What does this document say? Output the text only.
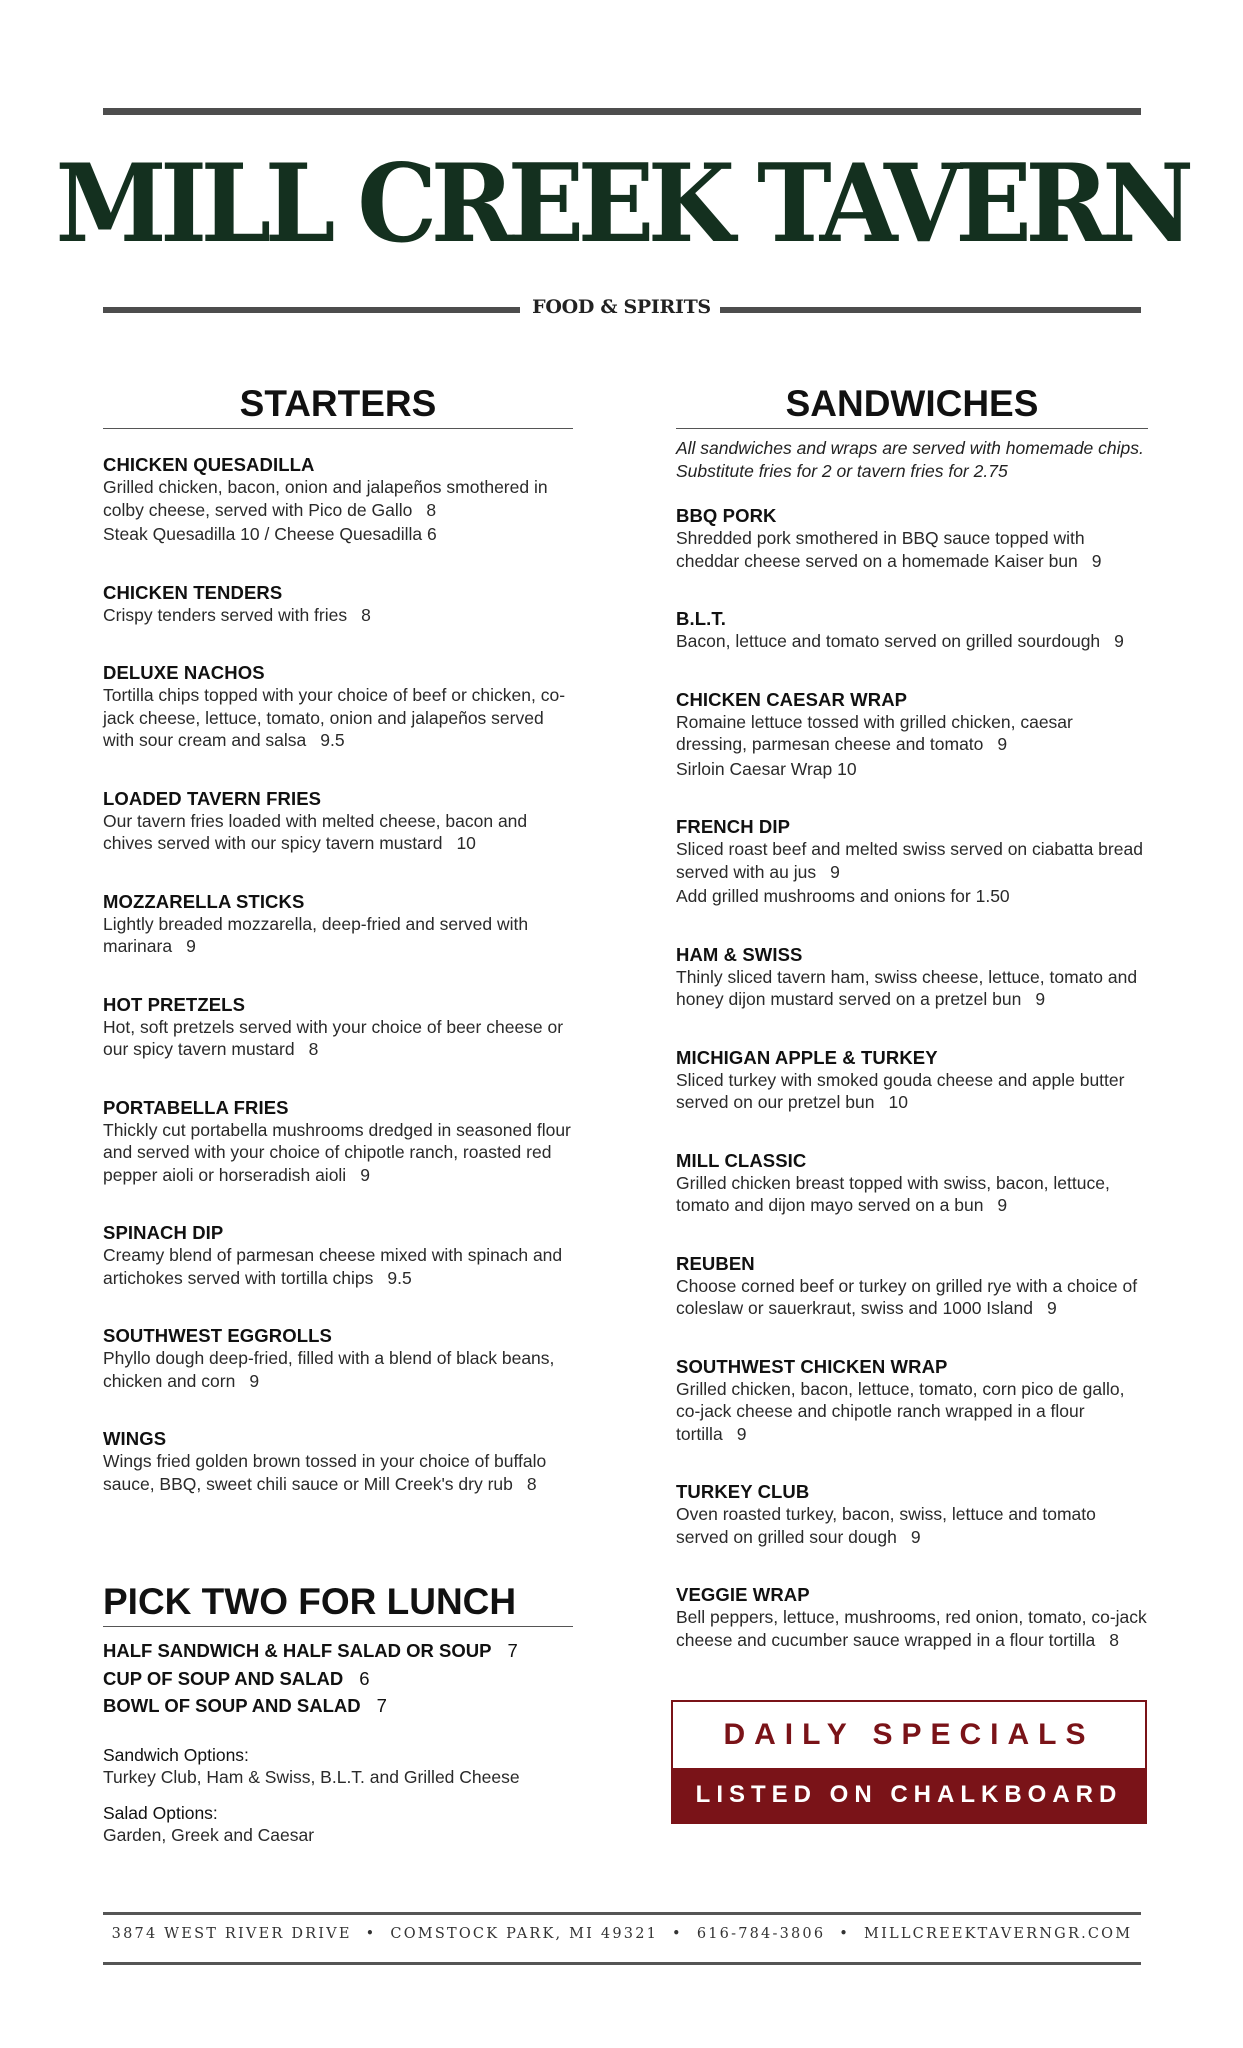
MILL CREEK TAVERN
FOOD & SPIRITS
STARTERS
CHICKEN QUESADILLA
Grilled chicken, bacon, onion and jalapeños smothered in colby cheese, served with Pico de Gallo 8
Steak Quesadilla 10 / Cheese Quesadilla 6
CHICKEN TENDERS
Crispy tenders served with fries 8
DELUXE NACHOS
Tortilla chips topped with your choice of beef or chicken, co-jack cheese, lettuce, tomato, onion and jalapeños served with sour cream and salsa 9.5
LOADED TAVERN FRIES
Our tavern fries loaded with melted cheese, bacon and chives served with our spicy tavern mustard 10
MOZZARELLA STICKS
Lightly breaded mozzarella, deep-fried and served with marinara 9
HOT PRETZELS
Hot, soft pretzels served with your choice of beer cheese or our spicy tavern mustard 8
PORTABELLA FRIES
Thickly cut portabella mushrooms dredged in seasoned flour and served with your choice of chipotle ranch, roasted red pepper aioli or horseradish aioli 9
SPINACH DIP
Creamy blend of parmesan cheese mixed with spinach and artichokes served with tortilla chips 9.5
SOUTHWEST EGGROLLS
Phyllo dough deep-fried, filled with a blend of black beans, chicken and corn 9
WINGS
Wings fried golden brown tossed in your choice of buffalo sauce, BBQ, sweet chili sauce or Mill Creek's dry rub 8
SANDWICHES
All sandwiches and wraps are served with homemade chips. Substitute fries for 2 or tavern fries for 2.75
BBQ PORK
Shredded pork smothered in BBQ sauce topped with cheddar cheese served on a homemade Kaiser bun 9
B.L.T.
Bacon, lettuce and tomato served on grilled sourdough 9
CHICKEN CAESAR WRAP
Romaine lettuce tossed with grilled chicken, caesar dressing, parmesan cheese and tomato 9
Sirloin Caesar Wrap 10
FRENCH DIP
Sliced roast beef and melted swiss served on ciabatta bread served with au jus 9
Add grilled mushrooms and onions for 1.50
HAM & SWISS
Thinly sliced tavern ham, swiss cheese, lettuce, tomato and honey dijon mustard served on a pretzel bun 9
MICHIGAN APPLE & TURKEY
Sliced turkey with smoked gouda cheese and apple butter served on our pretzel bun 10
MILL CLASSIC
Grilled chicken breast topped with swiss, bacon, lettuce, tomato and dijon mayo served on a bun 9
REUBEN
Choose corned beef or turkey on grilled rye with a choice of coleslaw or sauerkraut, swiss and 1000 Island 9
SOUTHWEST CHICKEN WRAP
Grilled chicken, bacon, lettuce, tomato, corn pico de gallo, co-jack cheese and chipotle ranch wrapped in a flour tortilla 9
TURKEY CLUB
Oven roasted turkey, bacon, swiss, lettuce and tomato served on grilled sour dough 9
VEGGIE WRAP
Bell peppers, lettuce, mushrooms, red onion, tomato, co-jack cheese and cucumber sauce wrapped in a flour tortilla 8
PICK TWO FOR LUNCH
HALF SANDWICH & HALF SALAD OR SOUP 7
CUP OF SOUP AND SALAD 6
BOWL OF SOUP AND SALAD 7
Sandwich Options:
Turkey Club, Ham & Swiss, B.L.T. and Grilled Cheese
Salad Options:
Garden, Greek and Caesar
DAILY SPECIALS
LISTED ON CHALKBOARD
3874 WEST RIVER DRIVE • COMSTOCK PARK, MI 49321 • 616-784-3806 • MILLCREEKTAVERNGR.COM
